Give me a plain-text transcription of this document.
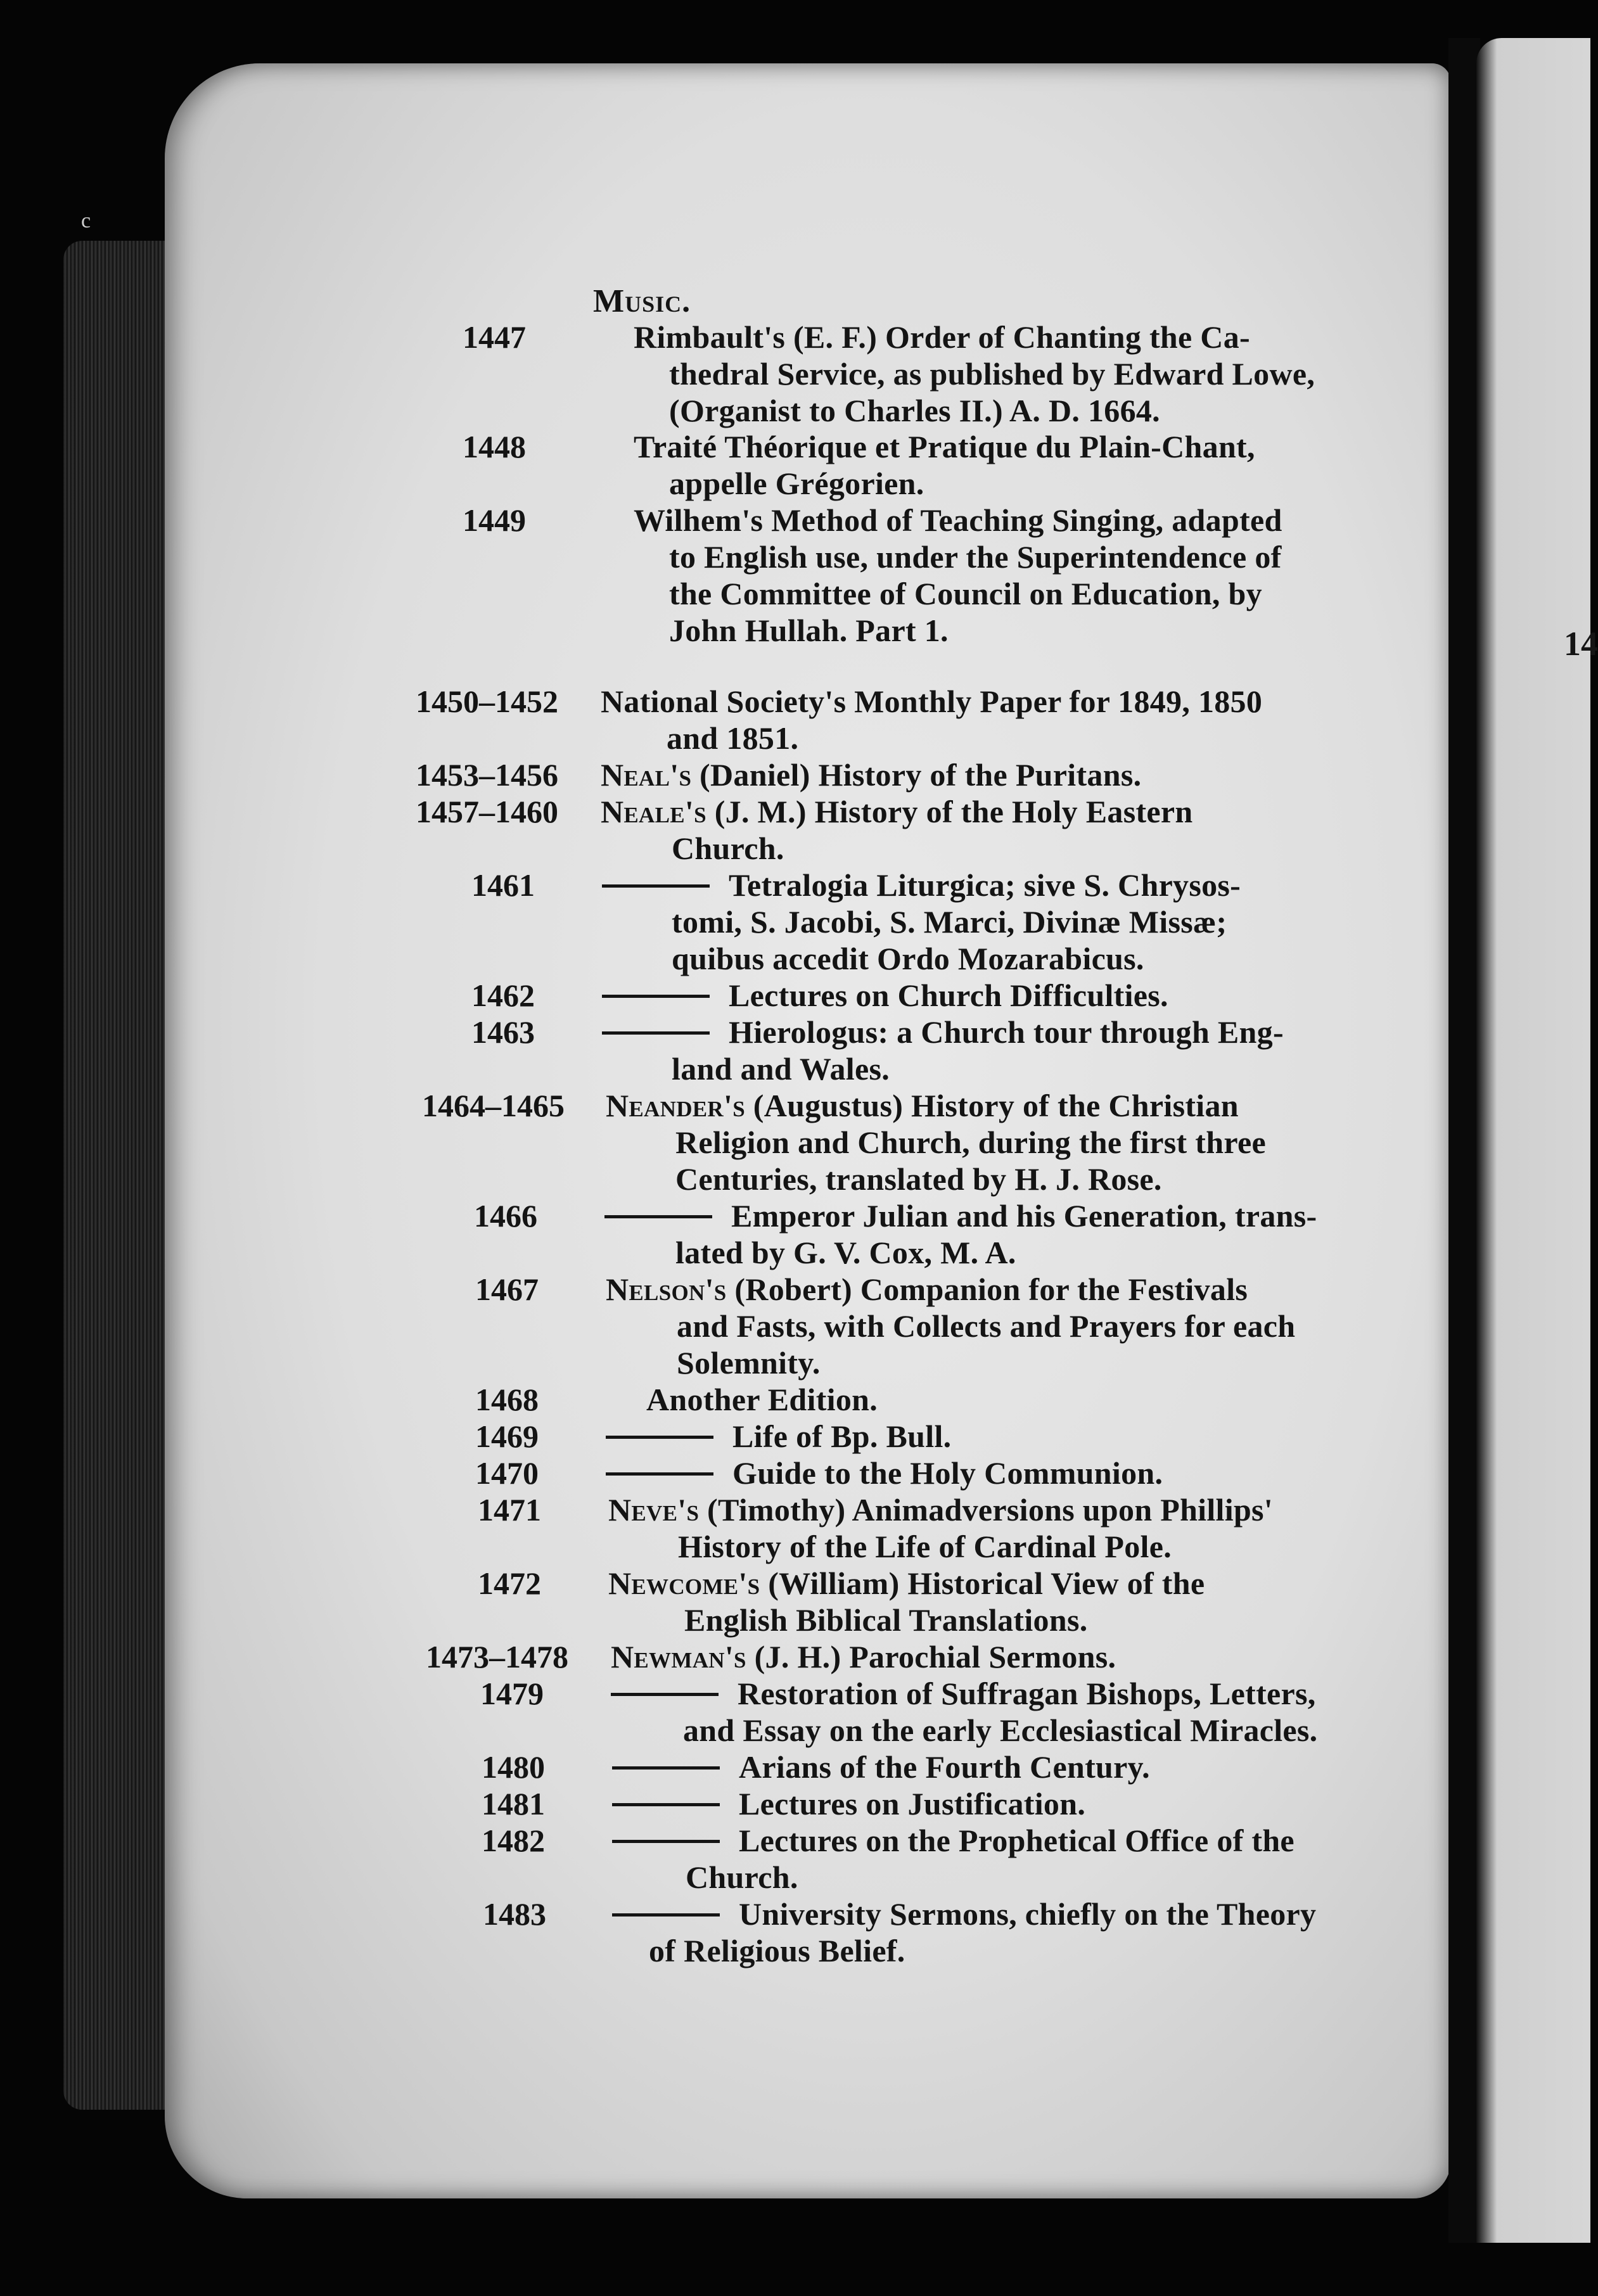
c
14
Music.
1447	Rimbault's (E. F.) Order of Chanting the Ca-
thedral Service, as published by Edward Lowe,
(Organist to Charles II.) A. D. 1664.
1448	Traité Théorique et Pratique du Plain-Chant,
appelle Grégorien.
1449	Wilhem's Method of Teaching Singing, adapted
to English use, under the Superintendence of
the Committee of Council on Education, by
John Hullah. Part 1.
1450–1452 National Society's Monthly Paper for 1849, 1850
and 1851.
1453–1456 Neal's (Daniel) History of the Puritans.
1457–1460 Neale's (J. M.) History of the Holy Eastern
Church.
1461	Tetralogia Liturgica; sive S. Chrysos-
tomi, S. Jacobi, S. Marci, Divinæ Missæ;
quibus accedit Ordo Mozarabicus.
1462	Lectures on Church Difficulties.
1463	Hierologus: a Church tour through Eng-
land and Wales.
1464–1465 Neander's (Augustus) History of the Christian
Religion and Church, during the first three
Centuries, translated by H. J. Rose.
1466	Emperor Julian and his Generation, trans-
lated by G. V. Cox, M. A.
1467 Nelson's (Robert) Companion for the Festivals
and Fasts, with Collects and Prayers for each
Solemnity.
1468	Another Edition.
1469	Life of Bp. Bull.
1470	Guide to the Holy Communion.
1471 Neve's (Timothy) Animadversions upon Phillips'
History of the Life of Cardinal Pole.
1472 Newcome's (William) Historical View of the
English Biblical Translations.
1473–1478 Newman's (J. H.) Parochial Sermons.
1479	Restoration of Suffragan Bishops, Letters,
and Essay on the early Ecclesiastical Miracles.
1480	Arians of the Fourth Century.
1481	Lectures on Justification.
1482	Lectures on the Prophetical Office of the
Church.
1483	University Sermons, chiefly on the Theory
of Religious Belief.
